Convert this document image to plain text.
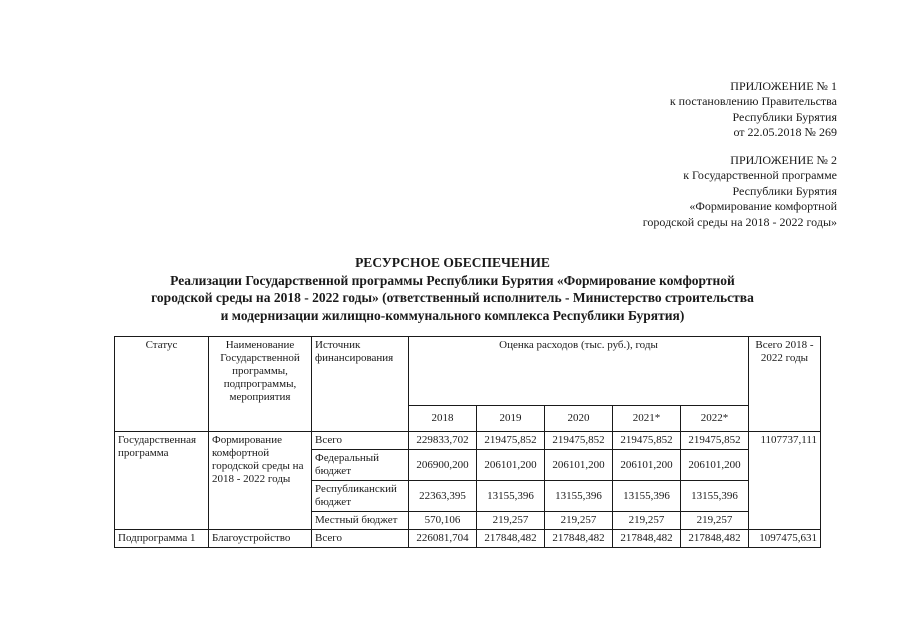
ПРИЛОЖЕНИЕ № 1
к постановлению Правительства
Республики Бурятия
от 22.05.2018 № 269
ПРИЛОЖЕНИЕ № 2
к Государственной программе
Республики Бурятия
«Формирование комфортной
городской среды на 2018 - 2022 годы»
РЕСУРСНОЕ ОБЕСПЕЧЕНИЕ
Реализации Государственной программы Республики Бурятия «Формирование комфортной
городской среды на 2018 - 2022 годы» (ответственный исполнитель - Министерство строительства
и модернизации жилищно-коммунального комплекса Республики Бурятия)
Статус	Наименование Государственной программы, подпрограммы, мероприятия	Источник финансирования	Оценка расходов (тыс. руб.), годы					Всего 2018 - 2022 годы
			2018	2019	2020	2021*	2022*	
Государственная программа	Формирование комфортной городской среды на 2018 - 2022 годы	Всего	229833,702	219475,852	219475,852	219475,852	219475,852	1107737,111
		Федеральный бюджет	206900,200	206101,200	206101,200	206101,200	206101,200	
		Республиканский бюджет	22363,395	13155,396	13155,396	13155,396	13155,396	
		Местный бюджет	570,106	219,257	219,257	219,257	219,257	
Подпрограмма 1	Благоустройство	Всего	226081,704	217848,482	217848,482	217848,482	217848,482	1097475,631
